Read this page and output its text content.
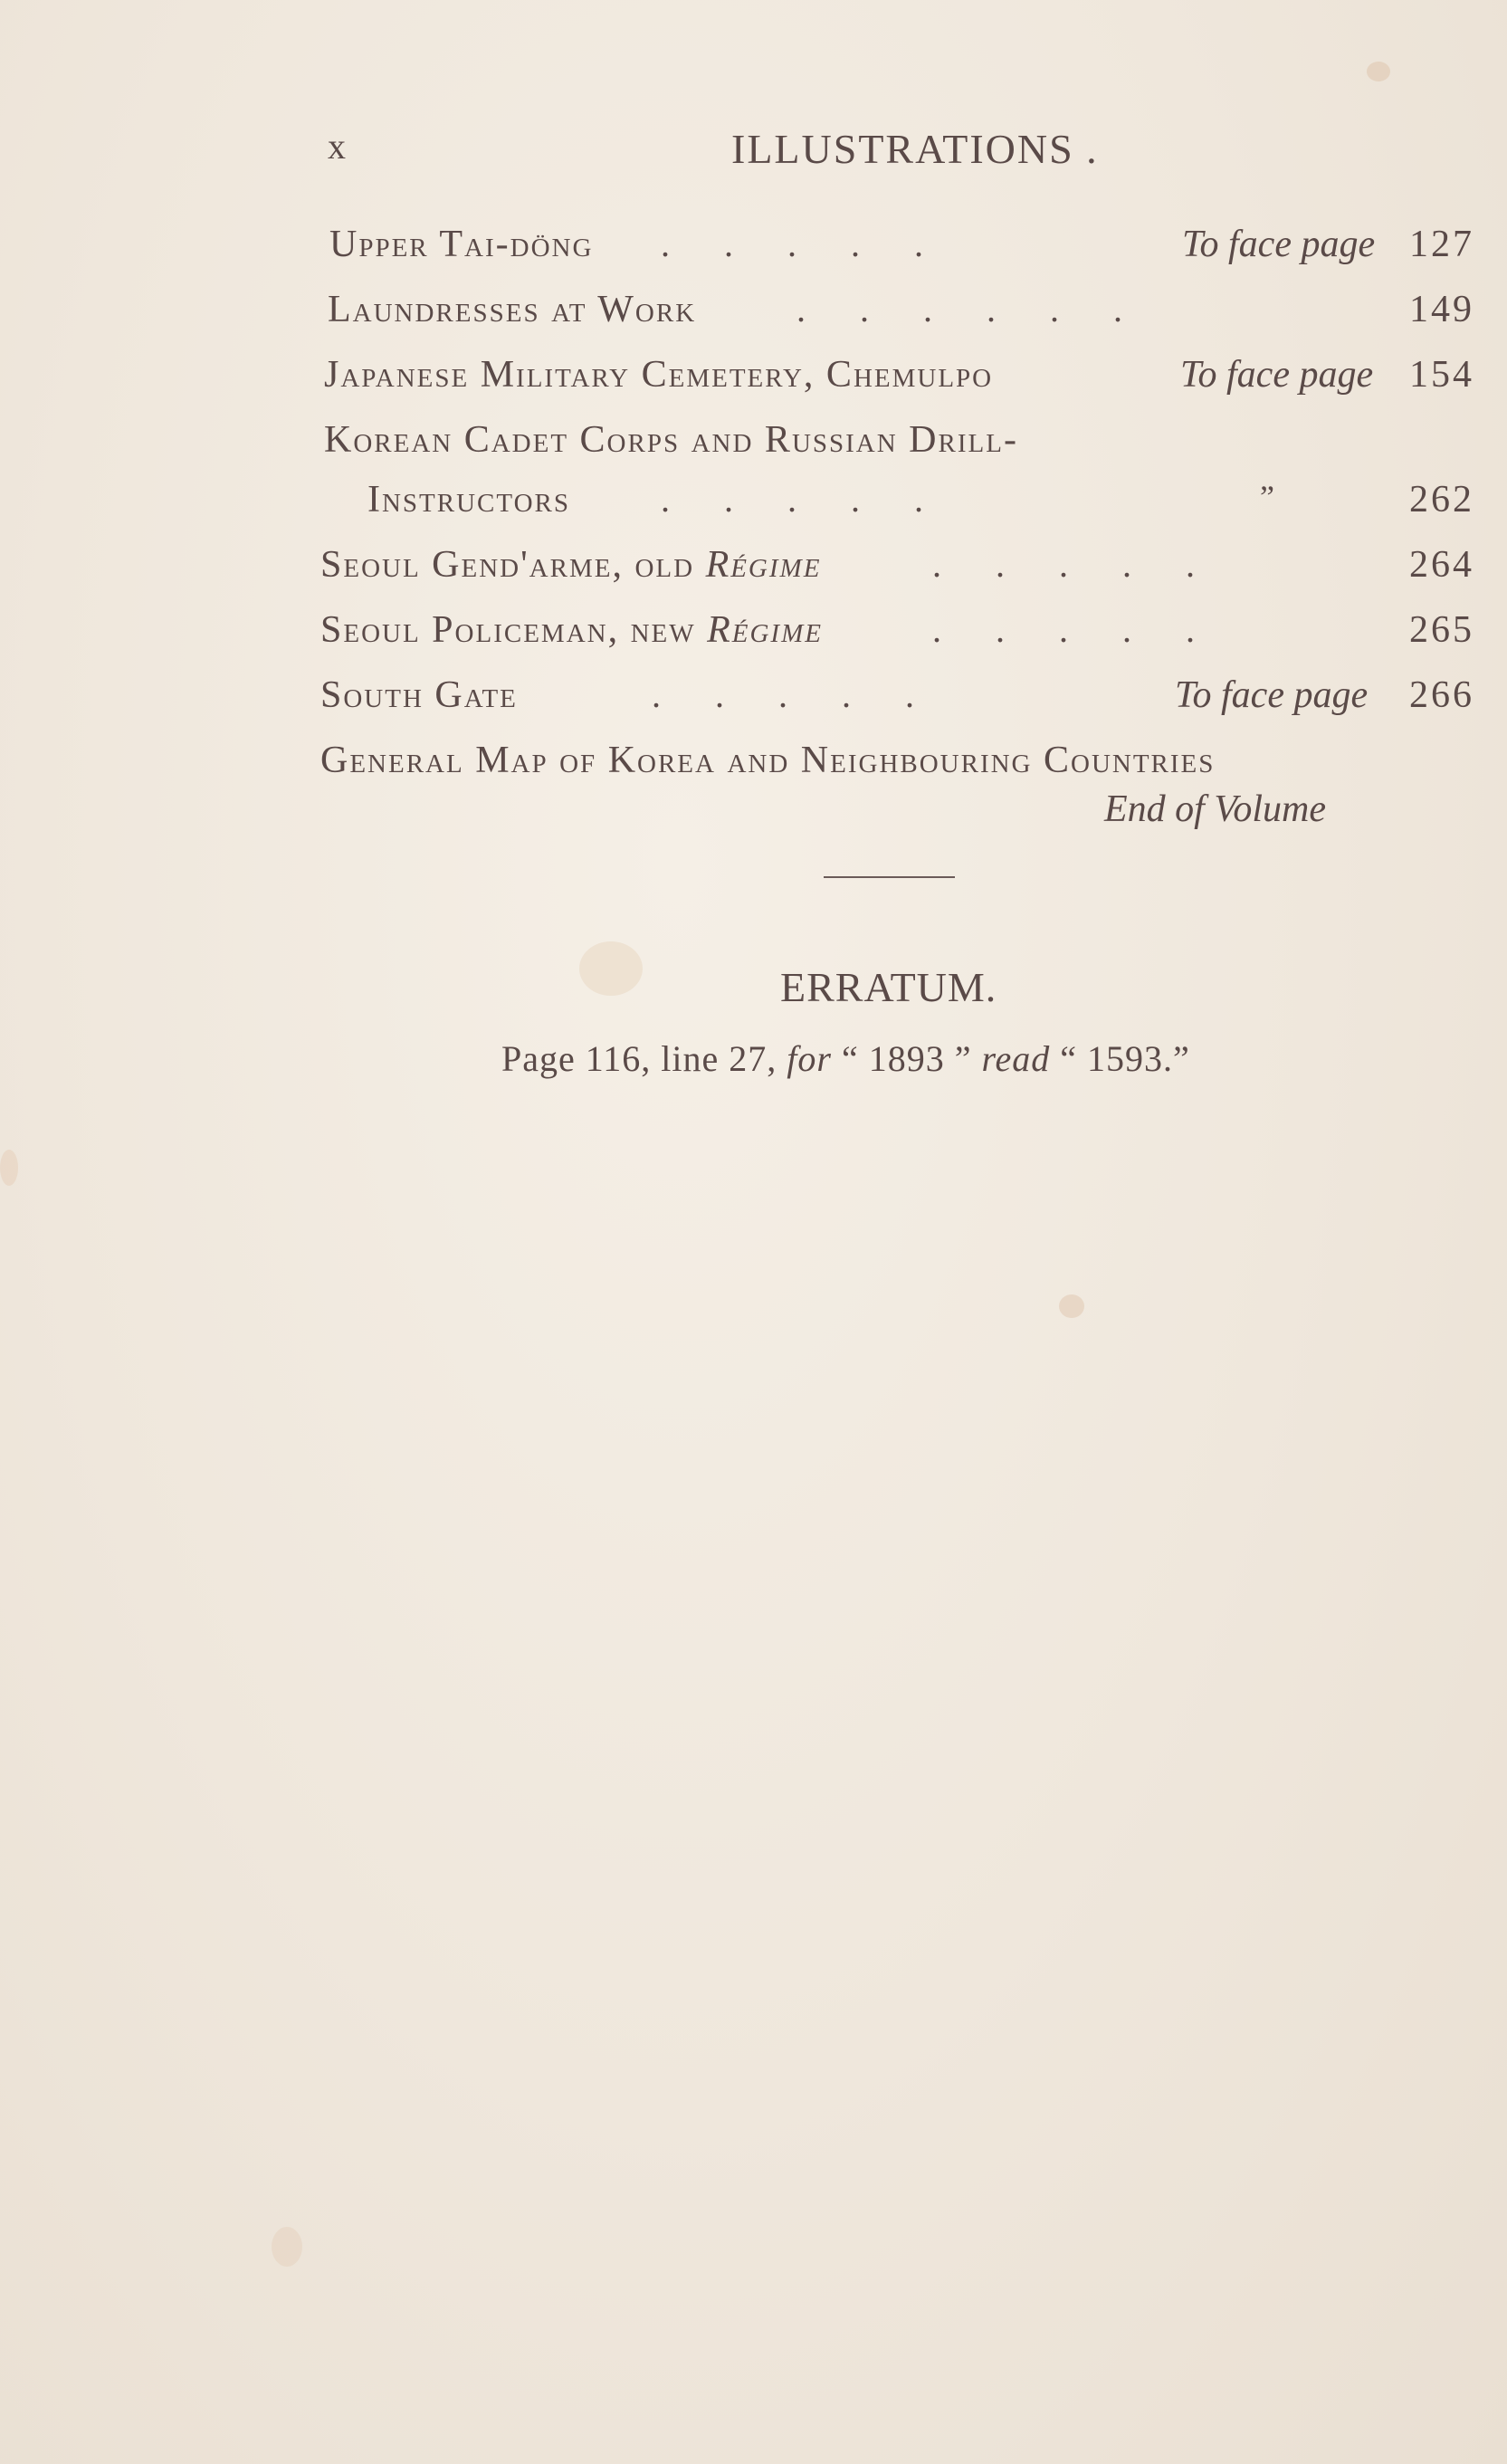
x	ILLUSTRATIONS .
Upper Tai-döng .      .      .      .      .	To face page 127
Laundresses at Work	.      .      .      .      .      .	149
Japanese Military Cemetery, Chemulpo	To face page 154
Korean Cadet Corps and Russian Drill-
Instructors .      .      .      .      .	”	262
Seoul Gend'arme, old Régime	.      .      .      .      .	264
Seoul Policeman, new Régime	.      .      .      .      .	265
South Gate	.      .      .      .      .	To face page 266
General Map of Korea and Neighbouring Countries
End of Volume
ERRATUM.
Page 116, line 27, for “ 1893 ” read “ 1593.”
